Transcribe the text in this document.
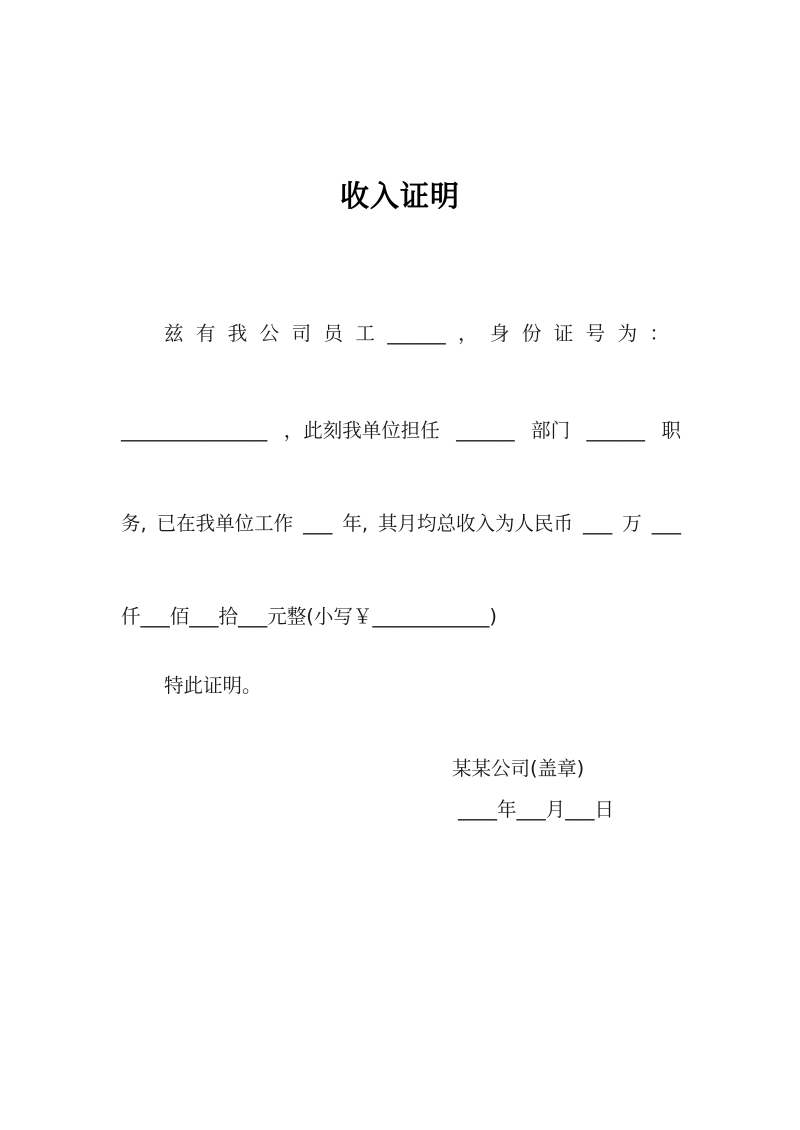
收入证明
兹 有 我 公 司 员 工 ______ ， 身 份 证 号 为 ：
_______________ ，此刻我单位担任 ______ 部门 ______ 职
务, 已在我单位工作 ___ 年, 其月均总收入为人民币 ___ 万 ___
仟___佰___拾___元整(小写￥____________)
特此证明。
某某公司(盖章)
____年___月___日
